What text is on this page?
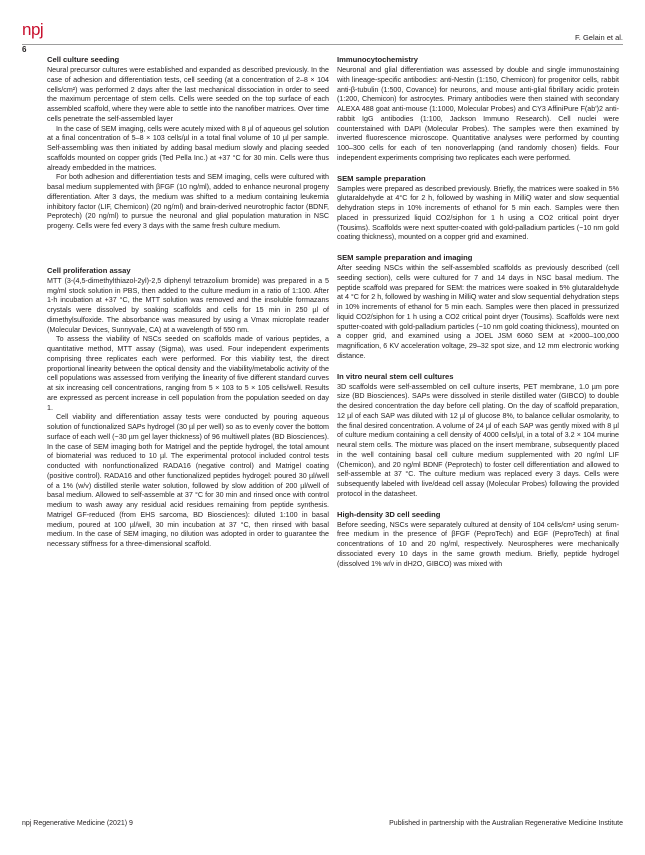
npj
6
F. Gelain et al.
Cell culture seeding

Neural precursor cultures were established and expanded as described previously. In the case of adhesion and differentiation tests, cell seeding (at a concentration of 2–8 × 104 cells/cm²) was performed 2 days after the last mechanical dissociation in order to seed the maximum percentage of stem cells. Cells were seeded on the top surface of each assembled scaffold, where they were able to settle into the nanofiber matrices. Over time cells penetrate the self-assembled layer

In the case of SEM imaging, cells were acutely mixed with 8 µl of aqueous gel solution at a final concentration of 5–8 × 103 cells/µl in a total final volume of 10 µl per sample. Self-assembling was then initiated by adding basal medium slowly and placing seeded scaffolds mounted on copper grids (Ted Pella Inc.) at +37 °C for 30 min. Cells were thus already embedded in the matrices.

For both adhesion and differentiation tests and SEM imaging, cells were cultured with basal medium supplemented with βFGF (10 ng/ml), added to enhance neuronal progeny differentiation. After 3 days, the medium was shifted to a medium containing leukemia inhibitory factor (LIF, Chemicon) (20 ng/ml) and brain-derived neurotrophic factor (BDNF, Peprotech) (20 ng/ml) to pursue the neuronal and glial population maturation in NSC progeny. Cells were fed every 3 days with the same fresh culture medium.

Cell proliferation assay

MTT (3-(4,5-dimethylthiazol-2yl)-2,5 diphenyl tetrazolium bromide) was prepared in a 5 mg/ml stock solution in PBS, then added to the culture medium in a ratio of 1:100. After 1-h incubation at +37 °C, the MTT solution was removed and the insoluble formazans crystals were dissolved by soaking scaffolds and cells for 15 min in 250 µl of dimethylsulfoxide. The absorbance was measured by using a Vmax microplate reader (Molecular Devices, Sunnyvale, CA) at a wavelength of 550 nm.

To assess the viability of NSCs seeded on scaffolds made of various peptides, a quantitative method, MTT assay (Sigma), was used. Four independent experiments comprising three replicates each were performed. For this viability test, the direct proportional linearity between the optical density and the viability/metabolic activity of the cell populations was assessed from verifying the linearity of five different standard curves at six increasing cell concentrations, ranging from 5 × 103 to 5 × 105 cells/well. Results are expressed as percent increase in cell population from the population seeded on day 1.

Cell viability and differentiation assay tests were conducted by pouring aqueous solution of functionalized SAPs hydrogel (30 µl per well) so as to evenly cover the bottom surface of each well (~30 µm gel layer thickness) of 96 multiwell plates (BD Biosciences). In the case of SEM imaging both for Matrigel and the peptide hydrogel, the total amount of biomaterial was reduced to 10 µl. The experimental protocol included control tests conducted with nonfunctionalized RADA16 (negative control) and Matrigel coating (positive control). RADA16 and other functionalized peptides hydrogel: poured 30 µl/well of a 1% (w/v) distilled sterile water solution, followed by slow addition of 200 µl/well of basal medium. Allowed to self-assemble at 37 °C for 30 min and rinsed once with control medium to wash away any residual acid residues remaining from peptide synthesis. Matrigel GF-reduced (from EHS sarcoma, BD Biosciences): diluted 1:100 in basal medium, poured at 100 µl/well, 30 min incubation at 37 °C, then rinsed with basal medium. In the case of SEM imaging, no dilution was adopted in order to guarantee the necessary stiffness for a three-dimensional scaffold.

Immunocytochemistry

Neuronal and glial differentiation was assessed by double and single immunostaining with lineage-specific antibodies: anti-Nestin (1:150, Chemicon) for progenitor cells, rabbit anti-β-tubulin (1:500, Covance) for neurons, and mouse anti-glial fibrillary acidic protein (1:200, Chemicon) for astrocytes. Primary antibodies were then stained with secondary ALEXA 488 goat anti-mouse (1:1000, Molecular Probes) and CY3 AffiniPure F(ab')2 anti-rabbit IgG antibodies (1:100, Jackson Immuno Research). Cell nuclei were counterstained with DAPI (Molecular Probes). The samples were then examined by inverted fluorescence microscope. Quantitative analyses were performed by counting 100–300 cells for each of ten nonoverlapping (and randomly chosen) fields. Four independent experiments comprising two replicates each were performed.

SEM sample preparation

Samples were prepared as described previously. Briefly, the matrices were soaked in 5% glutaraldehyde at 4°C for 2 h, followed by washing in MilliQ water and slow sequential dehydration steps in 10% increments of ethanol for 5 min each. Samples were then placed in pressurized liquid CO2/siphon for 1 h using a CO2 critical point dryer (Tousims). Scaffolds were next sputter-coated with gold-palladium particles (~10 nm gold coating thickness), mounted on a copper grid and examined.

SEM sample preparation and imaging

After seeding NSCs within the self-assembled scaffolds as previously described (cell seeding section), cells were cultured for 7 and 14 days in NSC basal medium. The peptide scaffold was prepared for SEM: the matrices were soaked in 5% glutaraldehyde at 4 °C for 2 h, followed by washing in MilliQ water and slow sequential dehydration steps in 10% increments of ethanol for 5 min each. Samples were then placed in pressurized liquid CO2/siphon for 1 h using a CO2 critical point dryer (Tousims). Scaffolds were next sputter-coated with gold-palladium particles (~10 nm gold coating thickness), mounted on a copper grid, and examined using a JOEL JSM 6060 SEM at ×2000–100,000 magnification, 6 KV acceleration voltage, 29–32 spot size, and 12 mm electronic working distance.

In vitro neural stem cell cultures

3D scaffolds were self-assembled on cell culture inserts, PET membrane, 1.0 µm pore size (BD Biosciences). SAPs were dissolved in sterile distilled water (GIBCO) to double the desired concentration the day before cell plating. On the day of scaffold preparation, 12 µl of each SAP was diluted with 12 µl of glucose 8%, to balance cellular osmolarity, to the final desired concentration. A volume of 24 µl of each SAP was gently mixed with 8 µl of culture medium containing a cell density of 4000 cells/µl, in a total of 3.2 × 104 murine neural stem cells. The mixture was placed on the insert membrane, subsequently placed in the well containing basal cell culture medium supplemented with 20 ng/ml LIF (Chemicon), and 20 ng/ml BDNF (Peprotech) to foster cell differentiation and allowed to self-assemble at 37 °C. The culture medium was replaced every 3 days. Cells were subsequently labeled with live/dead cell assay (Molecular Probes) following the provided protocol in the datasheet.

High-density 3D cell seeding

Before seeding, NSCs were separately cultured at density of 104 cells/cm² using serum-free medium in the presence of βFGF (PeproTech) and EGF (PeproTech) at final concentrations of 10 and 20 ng/ml, respectively. Neurospheres were mechanically dissociated every 10 days in the same growth medium. Briefly, peptide hydrogel (dissolved 1% w/v in dH2O, GIBCO) was mixed with

npj Regenerative Medicine (2021) 9	Published in partnership with the Australian Regenerative Medicine Institute
